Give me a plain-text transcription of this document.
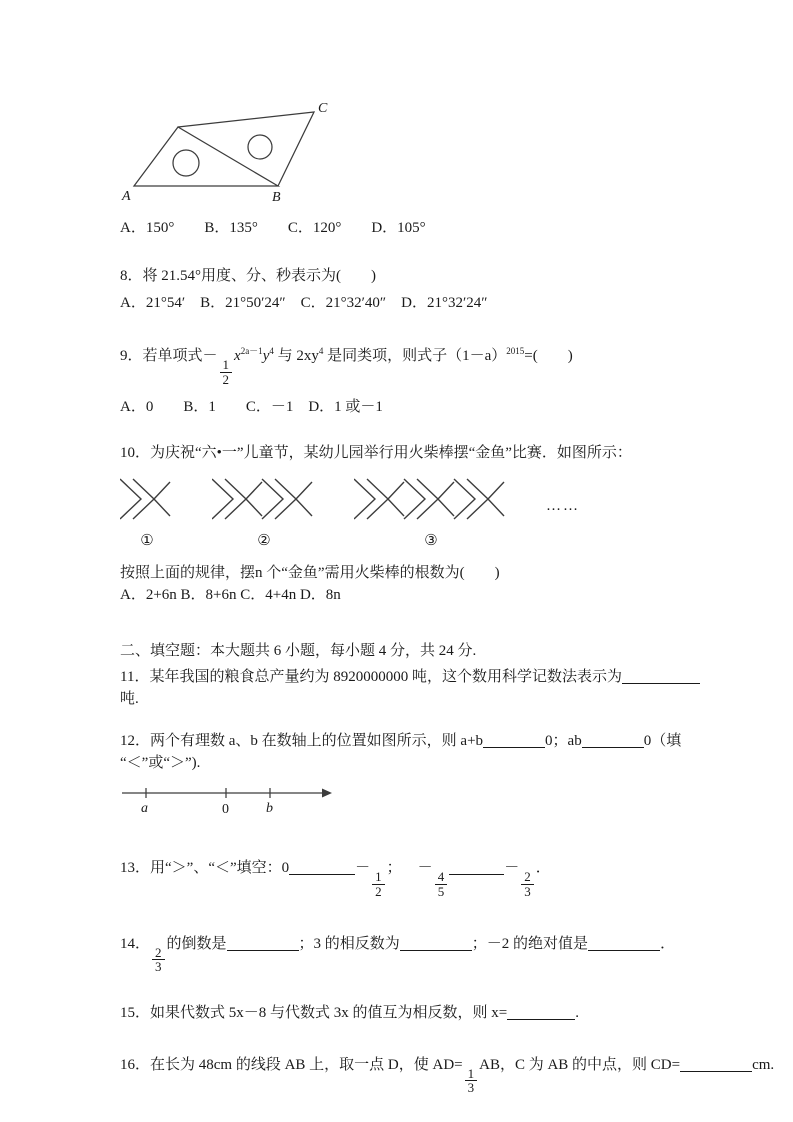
A	B
C

A．150°　　B．135°　　C．120°　　D．105°

8．将 21.54°用度、分、秒表示为(　　)

A．21°54′　B．21°50′24″　C．21°32′40″　D．21°32′24″

9．若单项式－
$\frac{1}{2}$
$x^{2a-1}y^4$ 与 $2xy^4$ 是同类项，则式子$(1-a)^{2015}=$(　　)

A．0　　B．1　　C．－1　D．1 或－1

10．为庆祝“六•一”儿童节，某幼儿园举行用火柴棒摆“金鱼”比赛．如图所示：

①	②	③
……

按照上面的规律，摆n 个“金鱼”需用火柴棒的根数为(　　)

A．2+6n B．8+6n C．4+4n D．8n

二、填空题：本大题共 6 小题，每小题 4 分，共 24 分.

11．某年我国的粮食总产量约为 8920000000 吨，这个数用科学记数法表示为吨.

12．两个有理数 a、b 在数轴上的位置如图所示，则 a+b	0；ab	0（填
“＜”或“＞”).

a	0	b

13．用“＞”、“＜”填空：0	－
$\frac{1}{2}$
； －
$\frac{4}{5}$
－
$\frac{2}{3}$
．

14．
$\frac{2}{3}$
的倒数是	；3 的相反数为	；－2 的绝对值是	．

15．如果代数式 5x－8 与代数式 3x 的值互为相反数，则 x=	.

16．在长为 48cm 的线段 AB 上，取一点 D，使 AD=
$\frac{1}{3}$
AB，C 为 AB 的中点，则 CD=	cm.
